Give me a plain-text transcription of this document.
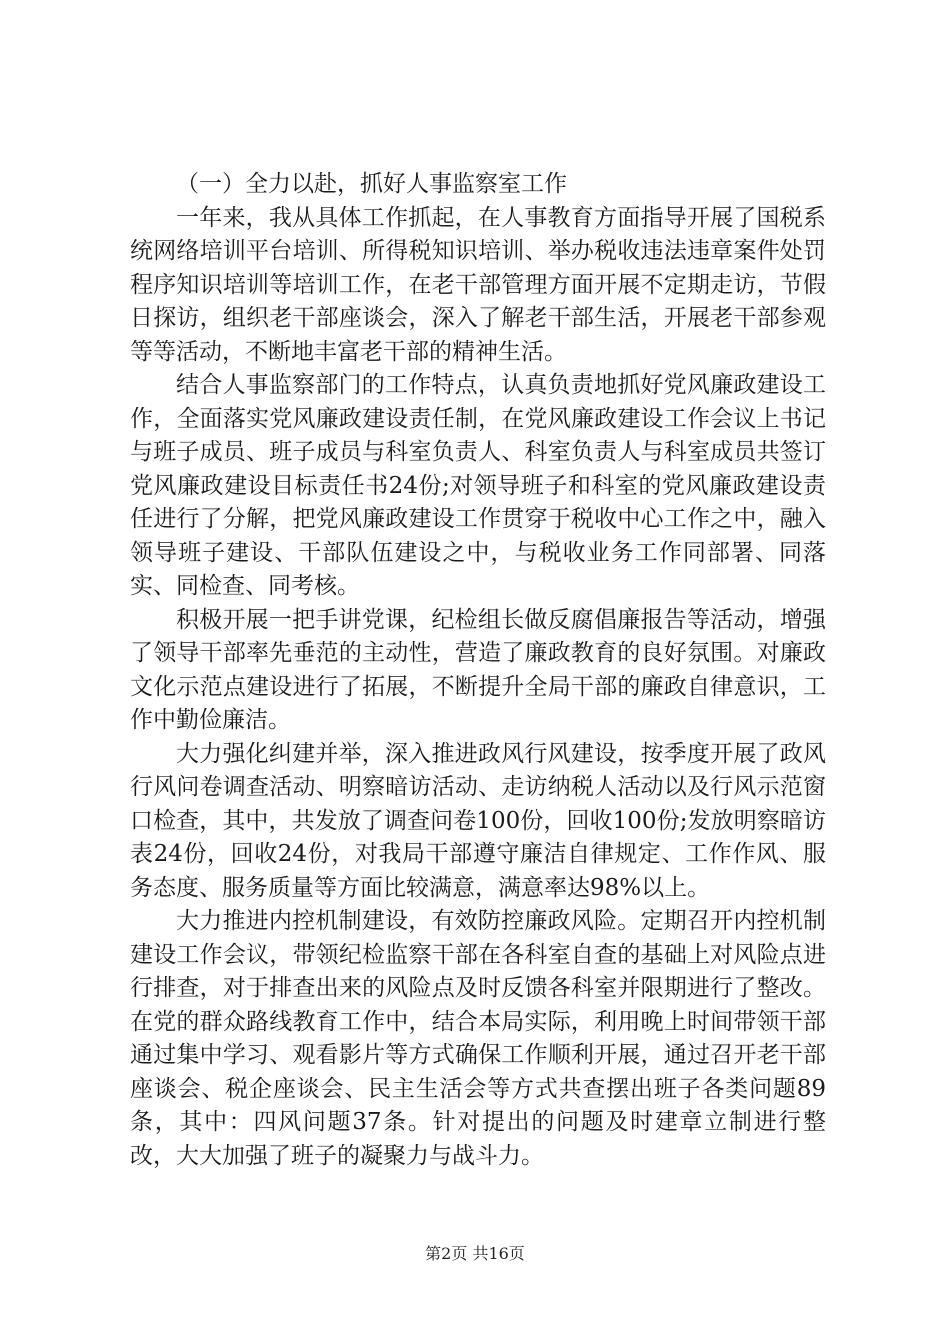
（一）全力以赴，抓好人事监察室工作

一年来，我从具体工作抓起，在人事教育方面指导开展了国税系统网络培训平台培训、所得税知识培训、举办税收违法违章案件处罚程序知识培训等培训工作，在老干部管理方面开展不定期走访，节假日探访，组织老干部座谈会，深入了解老干部生活，开展老干部参观等等活动，不断地丰富老干部的精神生活。

结合人事监察部门的工作特点，认真负责地抓好党风廉政建设工作，全面落实党风廉政建设责任制，在党风廉政建设工作会议上书记与班子成员、班子成员与科室负责人、科室负责人与科室成员共签订党风廉政建设目标责任书24份;对领导班子和科室的党风廉政建设责任进行了分解，把党风廉政建设工作贯穿于税收中心工作之中，融入领导班子建设、干部队伍建设之中，与税收业务工作同部署、同落实、同检查、同考核。

积极开展一把手讲党课，纪检组长做反腐倡廉报告等活动，增强了领导干部率先垂范的主动性，营造了廉政教育的良好氛围。对廉政文化示范点建设进行了拓展，不断提升全局干部的廉政自律意识，工作中勤俭廉洁。

大力强化纠建并举，深入推进政风行风建设，按季度开展了政风行风问卷调查活动、明察暗访活动、走访纳税人活动以及行风示范窗口检查，其中，共发放了调查问卷100份，回收100份;发放明察暗访表24份，回收24份，对我局干部遵守廉洁自律规定、工作作风、服务态度、服务质量等方面比较满意，满意率达98%以上。

大力推进内控机制建设，有效防控廉政风险。定期召开内控机制建设工作会议，带领纪检监察干部在各科室自查的基础上对风险点进行排查，对于排查出来的风险点及时反馈各科室并限期进行了整改。在党的群众路线教育工作中，结合本局实际，利用晚上时间带领干部通过集中学习、观看影片等方式确保工作顺利开展，通过召开老干部座谈会、税企座谈会、民主生活会等方式共查摆出班子各类问题89条，其中：四风问题37条。针对提出的问题及时建章立制进行整改，大大加强了班子的凝聚力与战斗力。

第2页 共16页
